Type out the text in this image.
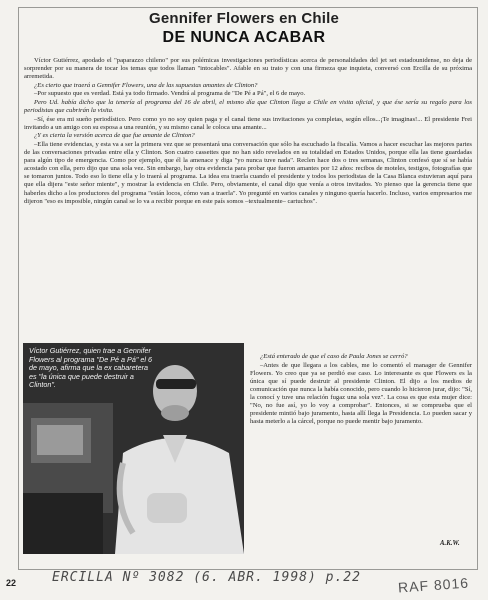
Gennifer Flowers en Chile
DE NUNCA ACABAR

Víctor Gutiérrez, apodado el "paparazzo chileno" por sus polémicas investigaciones periodísticas acerca de personalidades del jet set estadounidense, no deja de sorprender por su manera de tocar los temas que todos llaman "intocables". Afable en su trato y con una firmeza que inquieta, conversó con Ercilla de su próxima arremetida.

¿Es cierto que traerá a Gennifer Flowers, una de las supuestas amantes de Clinton?

–Por supuesto que es verdad. Está ya todo firmado. Vendrá al programa de "De Pé a Pá", el 6 de mayo.

Pero Ud. había dicho que la tenería al programa del 16 de abril, el mismo día que Clinton llega a Chile en visita oficial, y que ése sería su regalo para los periodistas que cubrirán la visita.

–Sí, ése era mi sueño periodístico. Pero como yo no soy quien paga y el canal tiene sus invitaciones ya completas, según ellos...¡Te imaginas!... El presidente Frei invitando a un amigo con su esposa a una reunión, y su mismo canal le coloca una amante...

¿Y es cierta la versión acerca de que fue amante de Clinton?

–Ella tiene evidencias, y esta va a ser la primera vez que se presentará una conversación que sólo ha escuchado la fiscalía. Vamos a hacer escuchar las mejores partes de las conversaciones privadas entre ella y Clinton. Son cuatro cassettes que no han sido revelados en su totalidad en Estados Unidos, porque ella las tiene guardadas para algún tipo de emergencia. Como por ejemplo, que él la amenace y diga "yo nunca tuve nada". Reclen hace dos o tres semanas, Clinton confesó que sí se había acostado con ella, pero dijo que una sola vez. Sin embargo, hay otra evidencia para probar que fueron amantes por 12 años: recibos de moteles, testigos, fotografías que se tomaron juntos. Todo eso lo tiene ella y lo traerá al programa. La idea era traerla cuando el presidente y todos los periodistas de la Casa Blanca estuvieran aquí para que ella dijera "este señor miente", y mostrar la evidencia en Chile. Pero, obviamente, el canal dijo que venía a otros invitados. Yo pienso que la gerencia tiene que haberles dicho a los productores del programa "están locos, cómo van a traerla". Yo pregunté en varios canales y ninguno quería hacerlo. Incluso, varios empresarios me dijeron "eso es imposible, ningún canal se lo va a recibir porque en este país somos –textualmente– cartuchos".

Víctor Gutiérrez, quien trae a Gennifer Flowers al programa "De Pé a Pá" el 6 de mayo, afirma que la ex cabaretera es "la única que puede destruir a Clinton".

¿Está enterado de que el caso de Paula Jones se cerró?

–Antes de que llegara a los cables, me lo comentó el manager de Gennifer Flowers. Yo creo que ya se perdió ese caso. Lo interesante es que Flowers es la única que sí puede destruir al presidente Clinton. El dijo a los medios de comunicación que nunca la había conocido, pero cuando lo hicieron jurar, dijo: "Sí, la conocí y tuve una relación fugaz una sola vez". La cosa es que esta mujer dice: "No, no fue así, yo lo voy a comprobar". Entonces, si se comprueba que el presidente mintió bajo juramento, hasta allí llega la Presidencia. Lo pueden sacar y hasta meterlo a la cárcel, porque no puede mentir bajo juramento.

A.K.W.
22	ERCILLA Nº 3082 (6. ABR. 1998) p.22	RAF 8016
